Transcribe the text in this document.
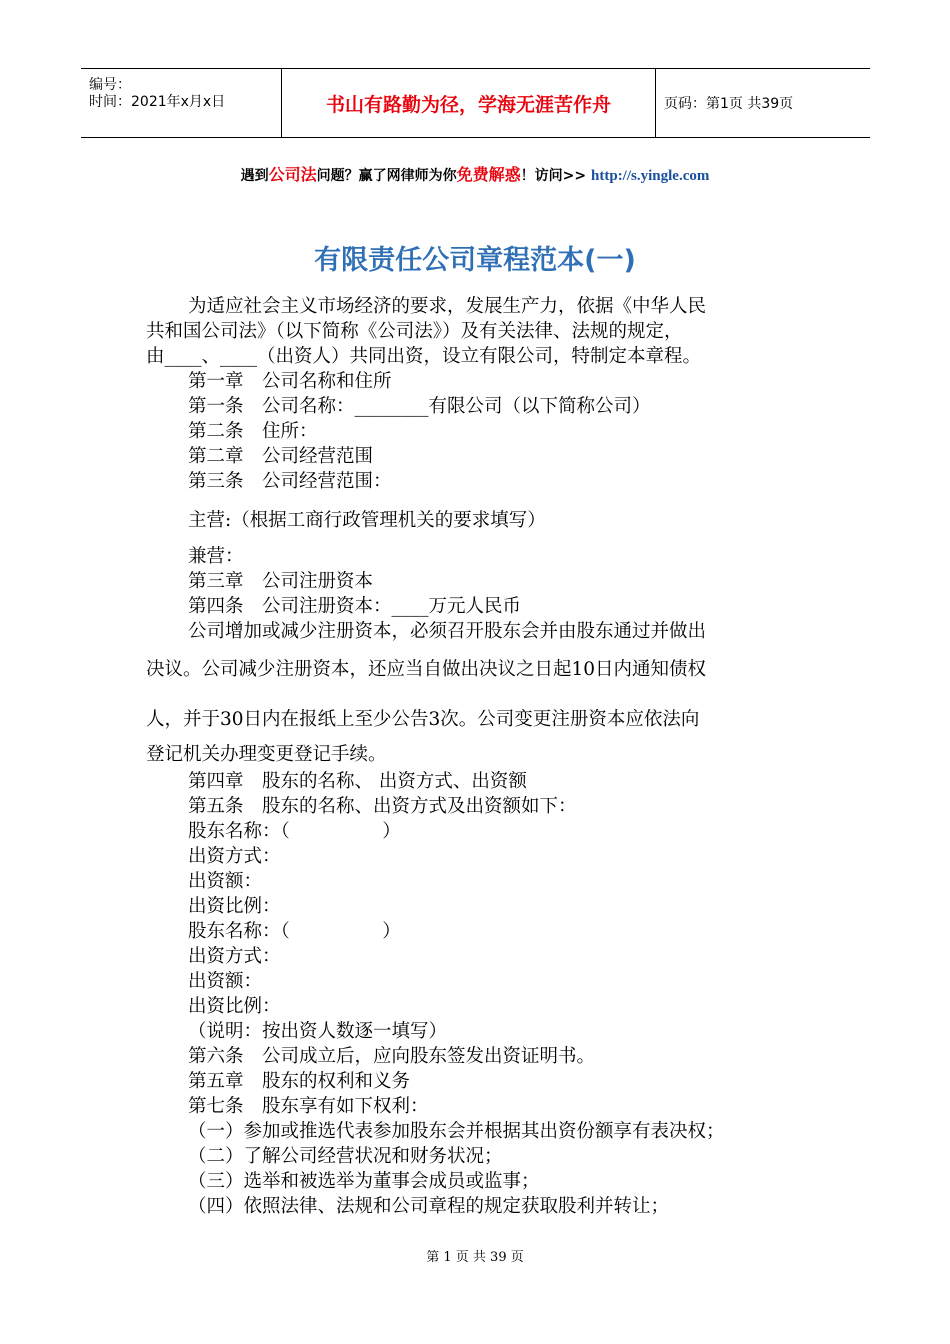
编号：
时间：2021年x月x日	书山有路勤为径，学海无涯苦作舟	页码：第1页 共39页
遇到公司法问题？赢了网律师为你免费解惑！访问>> http://s.yingle.com
有限责任公司章程范本(一)
为适应社会主义市场经济的要求，发展生产力，依据《中华人民
共和国公司法》（以下简称《公司法》）及有关法律、法规的规定，
由____、____（出资人）共同出资，设立有限公司，特制定本章程。
第一章　公司名称和住所
第一条　公司名称：________有限公司（以下简称公司）
第二条　住所：
第二章　公司经营范围
第三条　公司经营范围：
主营:（根据工商行政管理机关的要求填写）
兼营：
第三章　公司注册资本
第四条　公司注册资本：____万元人民币
公司增加或减少注册资本，必须召开股东会并由股东通过并做出
决议。公司减少注册资本，还应当自做出决议之日起10日内通知债权
人，并于30日内在报纸上至少公告3次。公司变更注册资本应依法向
登记机关办理变更登记手续。
第四章　股东的名称、 出资方式、出资额
第五条　股东的名称、出资方式及出资额如下：
股东名称：（　　　　　）
出资方式：
出资额：
出资比例：
股东名称：（　　　　　）
出资方式：
出资额：
出资比例：
（说明：按出资人数逐一填写）
第六条　公司成立后，应向股东签发出资证明书。
第五章　股东的权利和义务
第七条　股东享有如下权利：
（一）参加或推选代表参加股东会并根据其出资份额享有表决权；
（二）了解公司经营状况和财务状况；
（三）选举和被选举为董事会成员或监事；
（四）依照法律、法规和公司章程的规定获取股利并转让；
第 1 页 共 39 页
